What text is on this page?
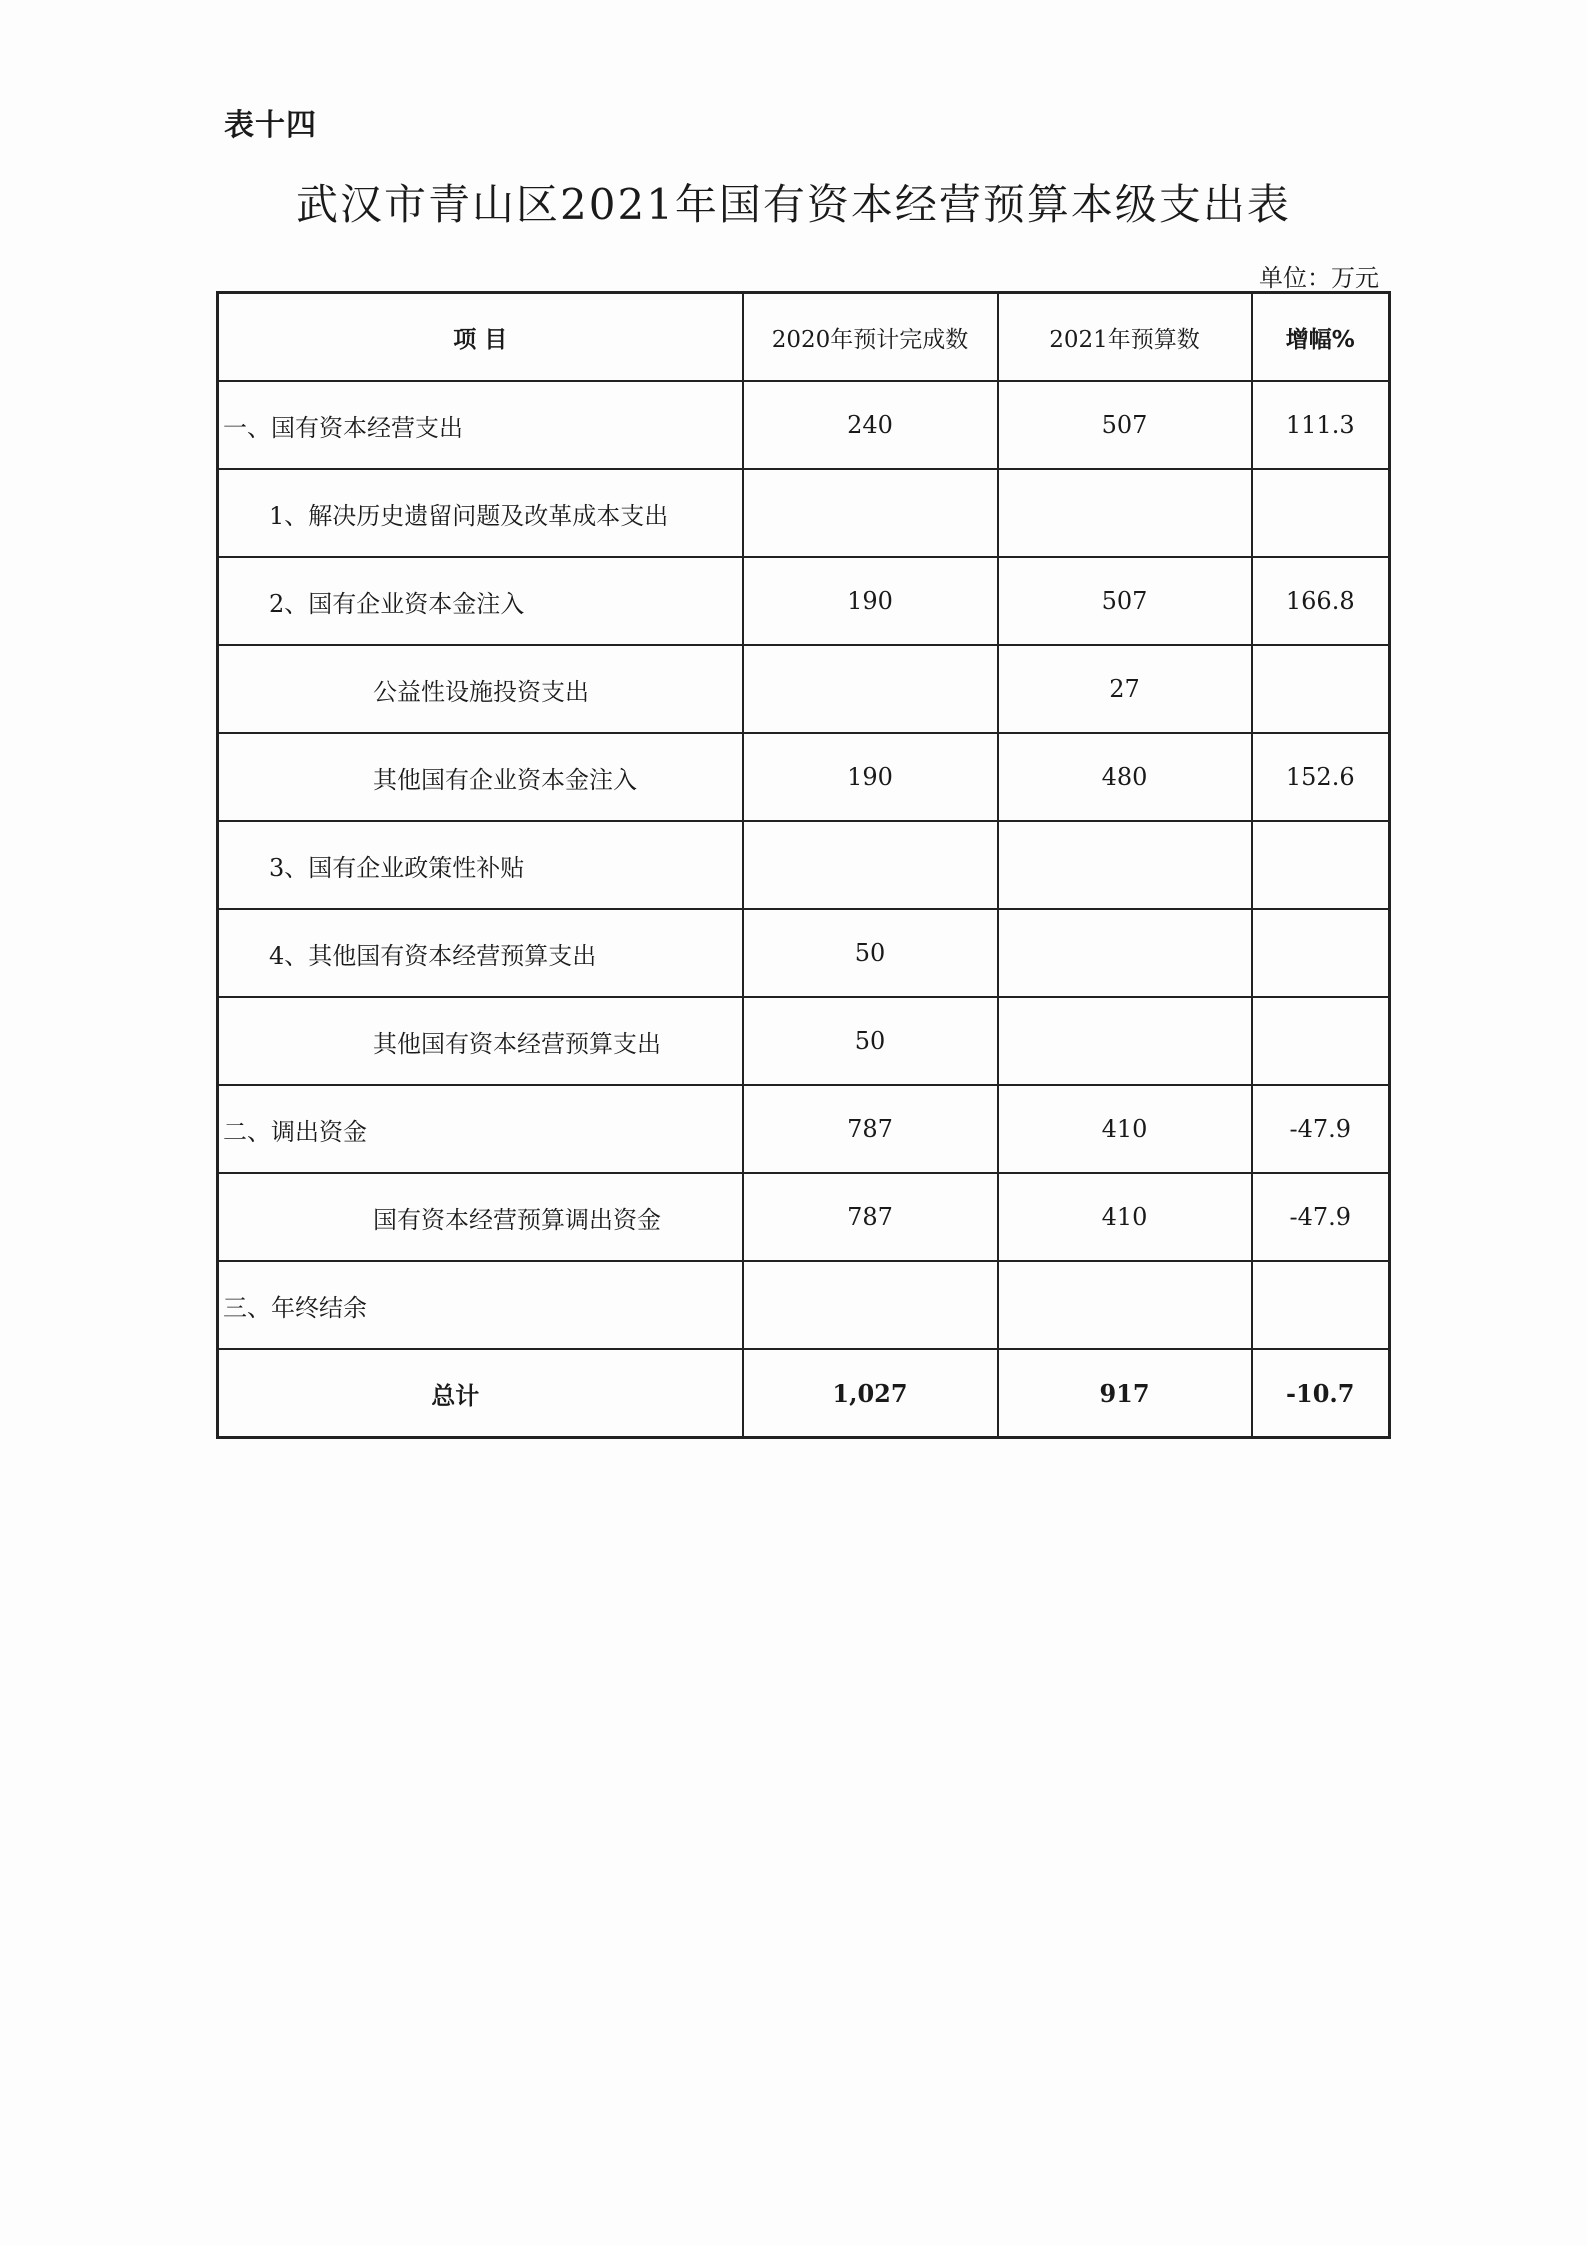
表十四
武汉市青山区2021年国有资本经营预算本级支出表
单位：万元
项 目	2020年预计完成数	2021年预算数	增幅%
一、国有资本经营支出	240	507	111.3
1、解决历史遗留问题及改革成本支出			
2、国有企业资本金注入	190	507	166.8
公益性设施投资支出		27	
其他国有企业资本金注入	190	480	152.6
3、国有企业政策性补贴			
4、其他国有资本经营预算支出	50		
其他国有资本经营预算支出	50		
二、调出资金	787	410	-47.9
国有资本经营预算调出资金	787	410	-47.9
三、年终结余			
总计	1,027	917	-10.7
